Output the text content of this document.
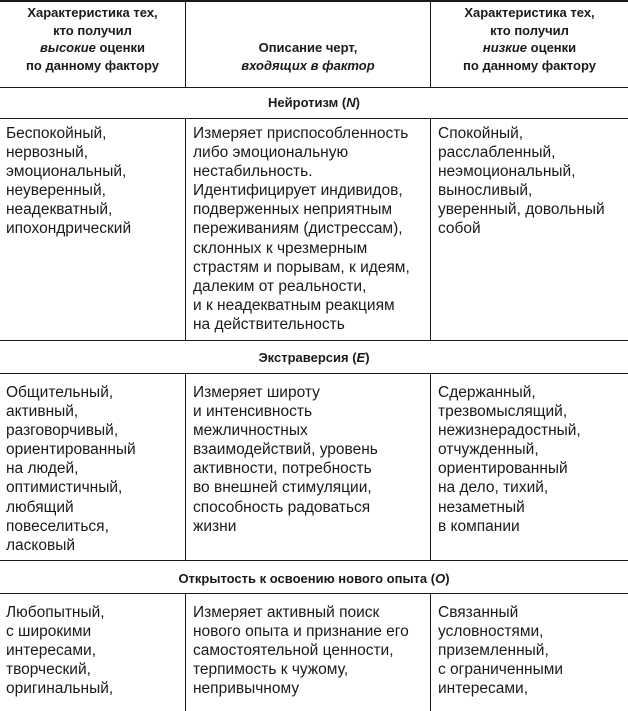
Характеристика тех,
кто получил
высокие оценки
по данному фактору
Описание черт,
входящих в фактор
Характеристика тех,
кто получил
низкие оценки
по данному фактору
Нейротизм (N)
Беспокойный,
нервозный,
эмоциональный,
неуверенный,
неадекватный,
ипохондрический
Измеряет приспособленность
либо эмоциональную
нестабильность.
Идентифицирует индивидов,
подверженных неприятным
переживаниям (дистрессам),
склонных к чрезмерным
страстям и порывам, к идеям,
далеким от реальности,
и к неадекватным реакциям
на действительность
Спокойный,
расслабленный,
неэмоциональный,
выносливый,
уверенный, довольный
собой
Экстраверсия (E)
Общительный,
активный,
разговорчивый,
ориентированный
на людей,
оптимистичный,
любящий
повеселиться,
ласковый
Измеряет широту
и интенсивность
межличностных
взаимодействий, уровень
активности, потребность
во внешней стимуляции,
способность радоваться
жизни
Сдержанный,
трезвомыслящий,
нежизнерадостный,
отчужденный,
ориентированный
на дело, тихий,
незаметный
в компании
Открытость к освоению нового опыта (O)
Любопытный,
с широкими
интересами,
творческий,
оригинальный,
Измеряет активный поиск
нового опыта и признание его
самостоятельной ценности,
терпимость к чужому,
непривычному
Связанный
условностями,
приземленный,
с ограниченными
интересами,
